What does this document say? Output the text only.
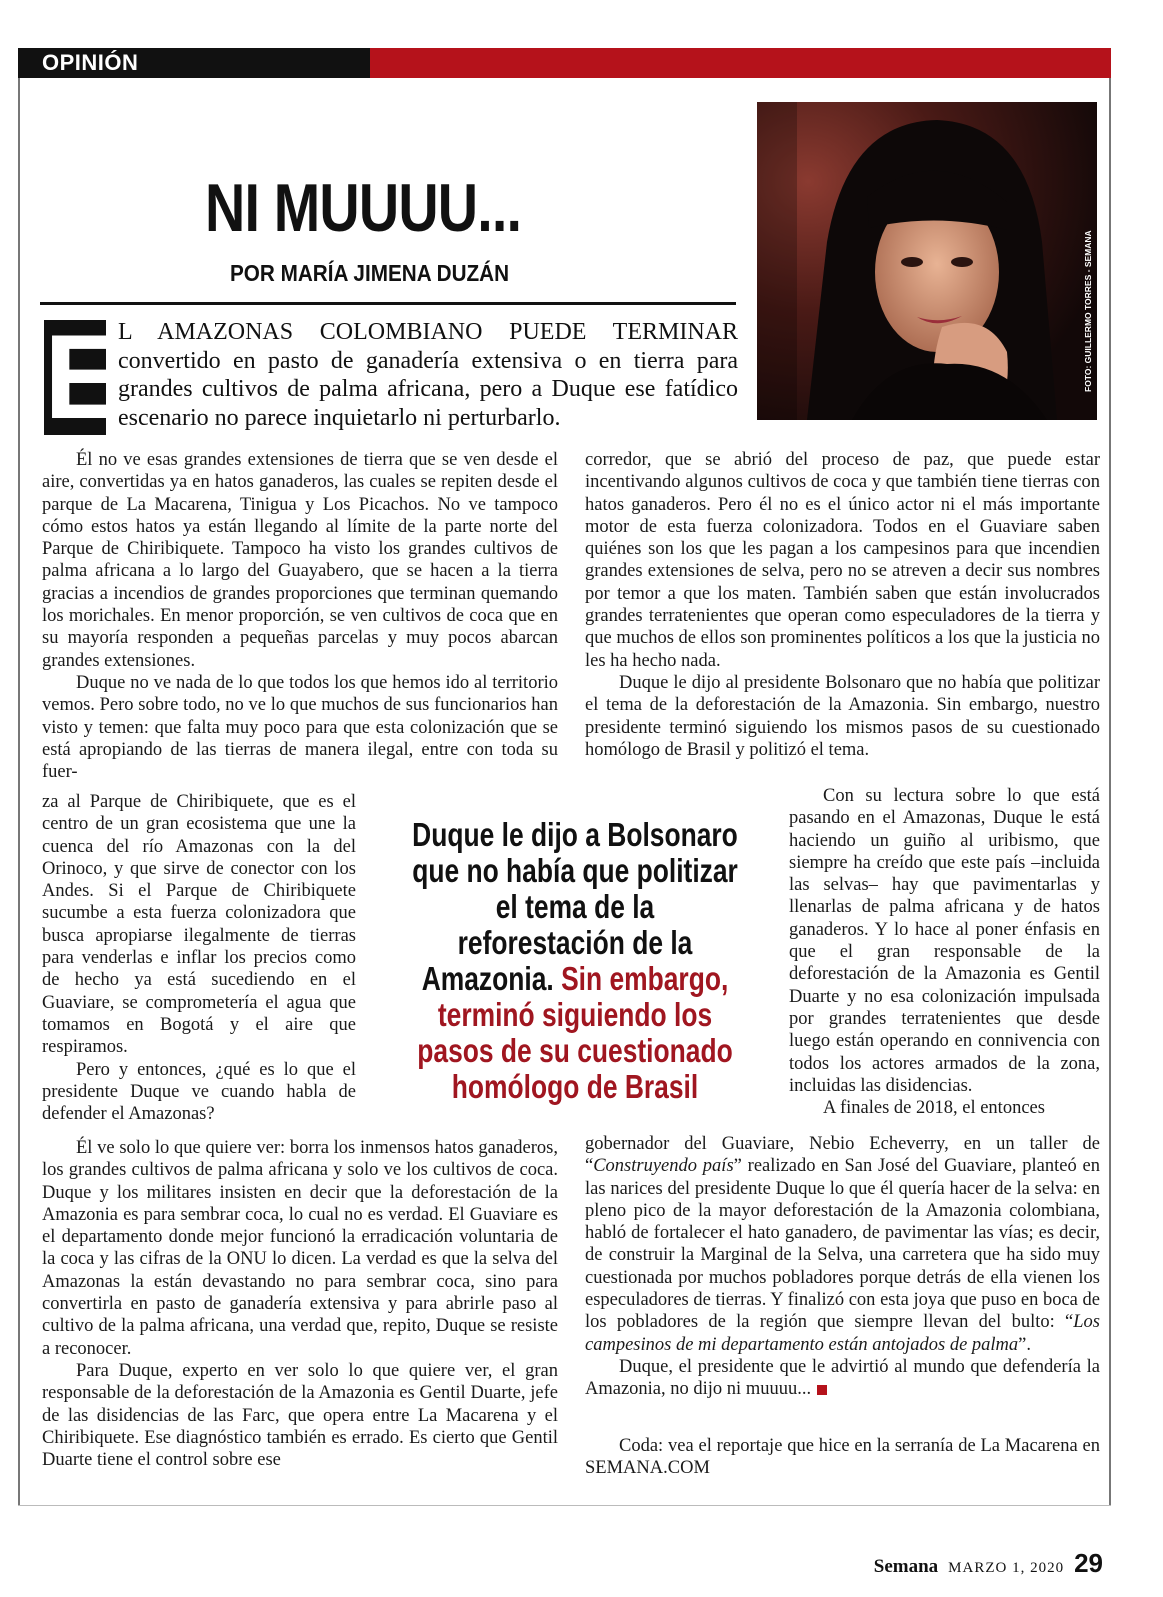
OPINIÓN
NI MUUUU...
POR MARÍA JIMENA DUZÁN
E
L AMAZONAS COLOMBIANO PUEDE TERMINAR convertido en pasto de ganadería extensiva o en tierra para grandes cultivos de palma africana, pero a Duque ese fatídico escenario no parece inquietarlo ni perturbarlo.
FOTO: GUILLERMO TORRES - SEMANA

Él no ve esas grandes extensiones de tierra que se ven desde el aire, convertidas ya en hatos ganaderos, las cuales se repiten desde el parque de La Macarena, Tinigua y Los Picachos. No ve tampoco cómo estos hatos ya están llegando al límite de la parte norte del Parque de Chiribiquete. Tampoco ha visto los grandes cultivos de palma africana a lo largo del Guayabero, que se hacen a la tierra gracias a incendios de grandes proporciones que terminan quemando los morichales. En menor proporción, se ven cultivos de coca que en su mayoría responden a pequeñas parcelas y muy pocos abarcan grandes extensiones.

Duque no ve nada de lo que todos los que hemos ido al territorio vemos. Pero sobre todo, no ve lo que muchos de sus funcionarios han visto y temen: que falta muy poco para que esta colonización que se está apropiando de las tierras de manera ilegal, entre con toda su fuer-

za al Parque de Chiribiquete, que es el centro de un gran ecosistema que une la cuenca del río Amazonas con la del Orinoco, y que sirve de conector con los Andes. Si el Parque de Chiribiquete sucumbe a esta fuerza colonizadora que busca apropiarse ilegalmente de tierras para venderlas e inflar los precios como de hecho ya está sucediendo en el Guaviare, se comprometería el agua que tomamos en Bogotá y el aire que respiramos.

Pero y entonces, ¿qué es lo que el presidente Duque ve cuando habla de defender el Amazonas?

Él ve solo lo que quiere ver: borra los inmensos hatos ganaderos, los grandes cultivos de palma africana y solo ve los cultivos de coca. Duque y los militares insisten en decir que la deforestación de la Amazonia es para sembrar coca, lo cual no es verdad. El Guaviare es el departamento donde mejor funcionó la erradicación voluntaria de la coca y las cifras de la ONU lo dicen. La verdad es que la selva del Amazonas la están devastando no para sembrar coca, sino para convertirla en pasto de ganadería extensiva y para abrirle paso al cultivo de la palma africana, una verdad que, repito, Duque se resiste a reconocer.

Para Duque, experto en ver solo lo que quiere ver, el gran responsable de la deforestación de la Amazonia es Gentil Duarte, jefe de las disidencias de las Farc, que opera entre La Macarena y el Chiribiquete. Ese diagnóstico también es errado. Es cierto que Gentil Duarte tiene el control sobre ese

corredor, que se abrió del proceso de paz, que puede estar incentivando algunos cultivos de coca y que también tiene tierras con hatos ganaderos. Pero él no es el único actor ni el más importante motor de esta fuerza colonizadora. Todos en el Guaviare saben quiénes son los que les pagan a los campesinos para que incendien grandes extensiones de selva, pero no se atreven a decir sus nombres por temor a que los maten. También saben que están involucrados grandes terratenientes que operan como especuladores de la tierra y que muchos de ellos son prominentes políticos a los que la justicia no les ha hecho nada.

Duque le dijo al presidente Bolsonaro que no había que politizar el tema de la deforestación de la Amazonia. Sin embargo, nuestro presidente terminó siguiendo los mismos pasos de su cuestionado homólogo de Brasil y politizó el tema.

Con su lectura sobre lo que está pasando en el Amazonas, Duque le está haciendo un guiño al uribismo, que siempre ha creído que este país –incluida las selvas– hay que pavimentarlas y llenarlas de palma africana y de hatos ganaderos. Y lo hace al poner énfasis en que el gran responsable de la deforestación de la Amazonia es Gentil Duarte y no esa colonización impulsada por grandes terratenientes que desde luego están operando en connivencia con todos los actores armados de la zona, incluidas las disidencias.

A finales de 2018, el entonces

gobernador del Guaviare, Nebio Echeverry, en un taller de “Construyendo país” realizado en San José del Guaviare, planteó en las narices del presidente Duque lo que él quería hacer de la selva: en pleno pico de la mayor deforestación de la Amazonia colombiana, habló de fortalecer el hato ganadero, de pavimentar las vías; es decir, de construir la Marginal de la Selva, una carretera que ha sido muy cuestionada por muchos pobladores porque detrás de ella vienen los especuladores de tierras. Y finalizó con esta joya que puso en boca de los pobladores de la región que siempre llevan del bulto: “Los campesinos de mi departamento están antojados de palma”.

Duque, el presidente que le advirtió al mundo que defendería la Amazonia, no dijo ni muuuu...

Coda: vea el reportaje que hice en la serranía de La Macarena en SEMANA.COM

Duque le dijo a Bolsonaro que no había que politizar el tema de la reforestación de la Amazonia. Sin embargo, terminó siguiendo los pasos de su cuestionado homólogo de Brasil
Semana MARZO 1, 2020 29
